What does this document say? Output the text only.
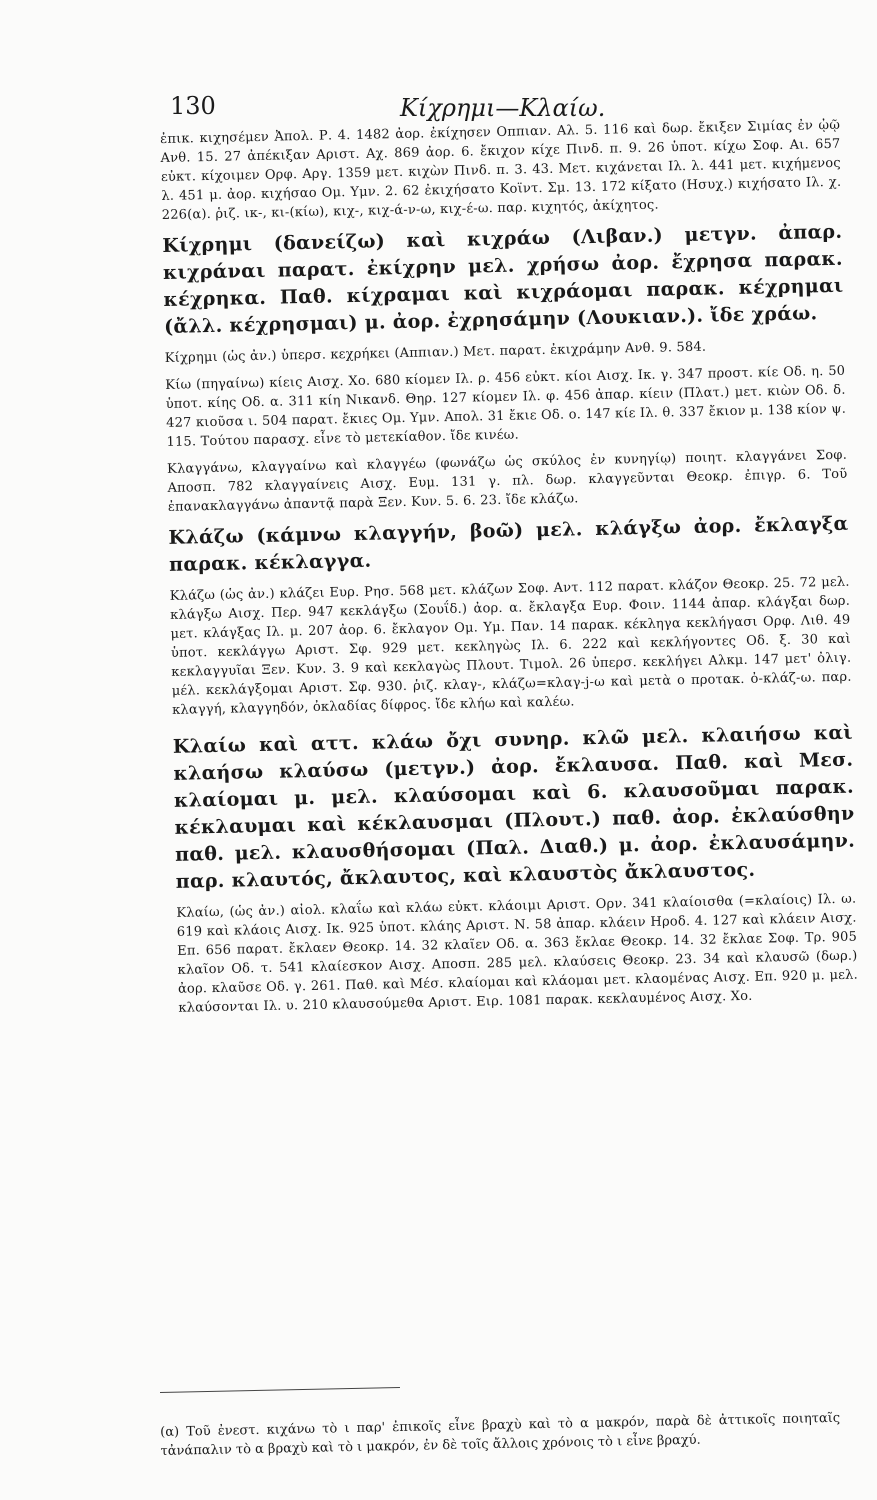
130	Κίχρημι—Κλαίω.

ἐπικ. κιχησέμεν Ἀπολ. Ρ. 4. 1482 ἀορ. ἐκίχησεν Οππιαν. Αλ. 5. 116 καὶ δωρ. ἔκιξεν Σιμίας ἐν ᾠῷ Ανθ. 15. 27 ἀπέκιξαν Αριστ. Αχ. 869 ἀορ. 6. ἔκιχον κίχε Πινδ. π. 9. 26 ὑποτ. κίχω Σοφ. Αι. 657 εὐκτ. κίχοιμεν Ορφ. Αργ. 1359 μετ. κιχὼν Πινδ. π. 3. 43. Μετ. κιχάνεται Ιλ. λ. 441 μετ. κιχήμενος λ. 451 μ. ἀορ. κιχήσαο Ομ. Υμν. 2. 62 ἐκιχήσατο Κοϊντ. Σμ. 13. 172 κίξατο (Ησυχ.) κιχήσατο Ιλ. χ. 226(α). ῥιζ. ικ-, κι-(κίω), κιχ-, κιχ-ά-ν-ω, κιχ-έ-ω. παρ. κιχητός, ἀκίχητος.

Κίχρημι (δανείζω) καὶ κιχράω (Λιβαν.) μετγν. ἀπαρ. κιχράναι παρατ. ἐκίχρην μελ. χρήσω ἀορ. ἔχρησα παρακ. κέχρηκα. Παθ. κίχραμαι καὶ κιχράομαι παρακ. κέχρημαι (ἄλλ. κέχρησμαι) μ. ἀορ. ἐχρησάμην (Λουκιαν.). ἴδε χράω.

Κίχρημι (ὡς ἀν.) ὑπερσ. κεχρήκει (Αππιαν.) Μετ. παρατ. ἐκιχράμην Ανθ. 9. 584.

Κίω (πηγαίνω) κίεις Αισχ. Χο. 680 κίομεν Ιλ. ρ. 456 εὐκτ. κίοι Αισχ. Ικ. γ. 347 προστ. κίε Οδ. η. 50 ὑποτ. κίης Οδ. α. 311 κίη Νικανδ. Θηρ. 127 κίομεν Ιλ. φ. 456 ἀπαρ. κίειν (Πλατ.) μετ. κιὼν Οδ. δ. 427 κιοῦσα ι. 504 παρατ. ἔκιες Ομ. Υμν. Απολ. 31 ἔκιε Οδ. ο. 147 κίε Ιλ. θ. 337 ἔκιον μ. 138 κίον ψ. 115. Τούτου παρασχ. εἶνε τὸ μετεκίαθον. ἴδε κινέω.

Κλαγγάνω, κλαγγαίνω καὶ κλαγγέω (φωνάζω ὡς σκύλος ἐν κυνηγίῳ) ποιητ. κλαγγάνει Σοφ. Αποσπ. 782 κλαγγαίνεις Αισχ. Ευμ. 131 γ. πλ. δωρ. κλαγγεῦνται Θεοκρ. ἐπιγρ. 6. Τοῦ ἐπανακλαγγάνω ἀπαντᾷ παρὰ Ξεν. Κυν. 5. 6. 23. ἴδε κλάζω.

Κλάζω (κάμνω κλαγγήν, βοῶ) μελ. κλάγξω ἀορ. ἔκλαγξα παρακ. κέκλαγγα.

Κλάζω (ὡς ἀν.) κλάζει Ευρ. Ρησ. 568 μετ. κλάζων Σοφ. Αντ. 112 παρατ. κλάζον Θεοκρ. 25. 72 μελ. κλάγξω Αισχ. Περ. 947 κεκλάγξω (Σουΐδ.) ἀορ. α. ἔκλαγξα Ευρ. Φοιν. 1144 ἀπαρ. κλάγξαι δωρ. μετ. κλάγξας Ιλ. μ. 207 ἀορ. 6. ἔκλαγον Ομ. Υμ. Παν. 14 παρακ. κέκληγα κεκλήγασι Ορφ. Λιθ. 49 ὑποτ. κεκλάγγω Αριστ. Σφ. 929 μετ. κεκληγὼς Ιλ. 6. 222 καὶ κεκλήγοντες Οδ. ξ. 30 καὶ κεκλαγγυῖαι Ξεν. Κυν. 3. 9 καὶ κεκλαγὼς Πλουτ. Τιμολ. 26 ὑπερσ. κεκλήγει Αλκμ. 147 μετ' ὀλιγ. μέλ. κεκλάγξομαι Αριστ. Σφ. 930. ῥιζ. κλαγ-, κλάζω=κλαγ-j-ω καὶ μετὰ ο προτακ. ὀ-κλάζ-ω. παρ. κλαγγή, κλαγγηδόν, ὀκλαδίας δίφρος. ἴδε κλήω καὶ καλέω.

Κλαίω καὶ αττ. κλάω ὄχι συνηρ. κλῶ μελ. κλαιήσω καὶ κλαήσω κλαύσω (μετγν.) ἀορ. ἔκλαυσα. Παθ. καὶ Μεσ. κλαίομαι μ. μελ. κλαύσομαι καὶ 6. κλαυσοῦμαι παρακ. κέκλαυμαι καὶ κέκλαυσμαι (Πλουτ.) παθ. ἀορ. ἐκλαύσθην παθ. μελ. κλαυσθήσομαι (Παλ. Διαθ.) μ. ἀορ. ἐκλαυσάμην. παρ. κλαυτός, ἄκλαυτος, καὶ κλαυστὸς ἄκλαυστος.

Κλαίω, (ὡς ἀν.) αἰολ. κλαΐω καὶ κλάω εὐκτ. κλάοιμι Αριστ. Ορν. 341 κλαίοισθα (=κλαίοις) Ιλ. ω. 619 καὶ κλάοις Αισχ. Ικ. 925 ὑποτ. κλάης Αριστ. Ν. 58 ἀπαρ. κλάειν Ηροδ. 4. 127 καὶ κλάειν Αισχ. Επ. 656 παρατ. ἔκλαεν Θεοκρ. 14. 32 κλαῖεν Οδ. α. 363 ἔκλαε Θεοκρ. 14. 32 ἔκλαε Σοφ. Τρ. 905 κλαῖον Οδ. τ. 541 κλαίεσκον Αισχ. Αποσπ. 285 μελ. κλαύσεις Θεοκρ. 23. 34 καὶ κλαυσῶ (δωρ.) ἀορ. κλαῦσε Οδ. γ. 261. Παθ. καὶ Μέσ. κλαίομαι καὶ κλάομαι μετ. κλαομένας Αισχ. Επ. 920 μ. μελ. κλαύσονται Ιλ. υ. 210 κλαυσούμεθα Αριστ. Ειρ. 1081 παρακ. κεκλαυμένος Αισχ. Χο.

(α) Τοῦ ἐνεστ. κιχάνω τὸ ι παρ' ἐπικοῖς εἶνε βραχὺ καὶ τὸ α μακρόν, παρὰ δὲ ἀττικοῖς ποιηταῖς τἀνάπαλιν τὸ α βραχὺ καὶ τὸ ι μακρόν, ἐν δὲ τοῖς ἄλλοις χρόνοις τὸ ι εἶνε βραχύ.
